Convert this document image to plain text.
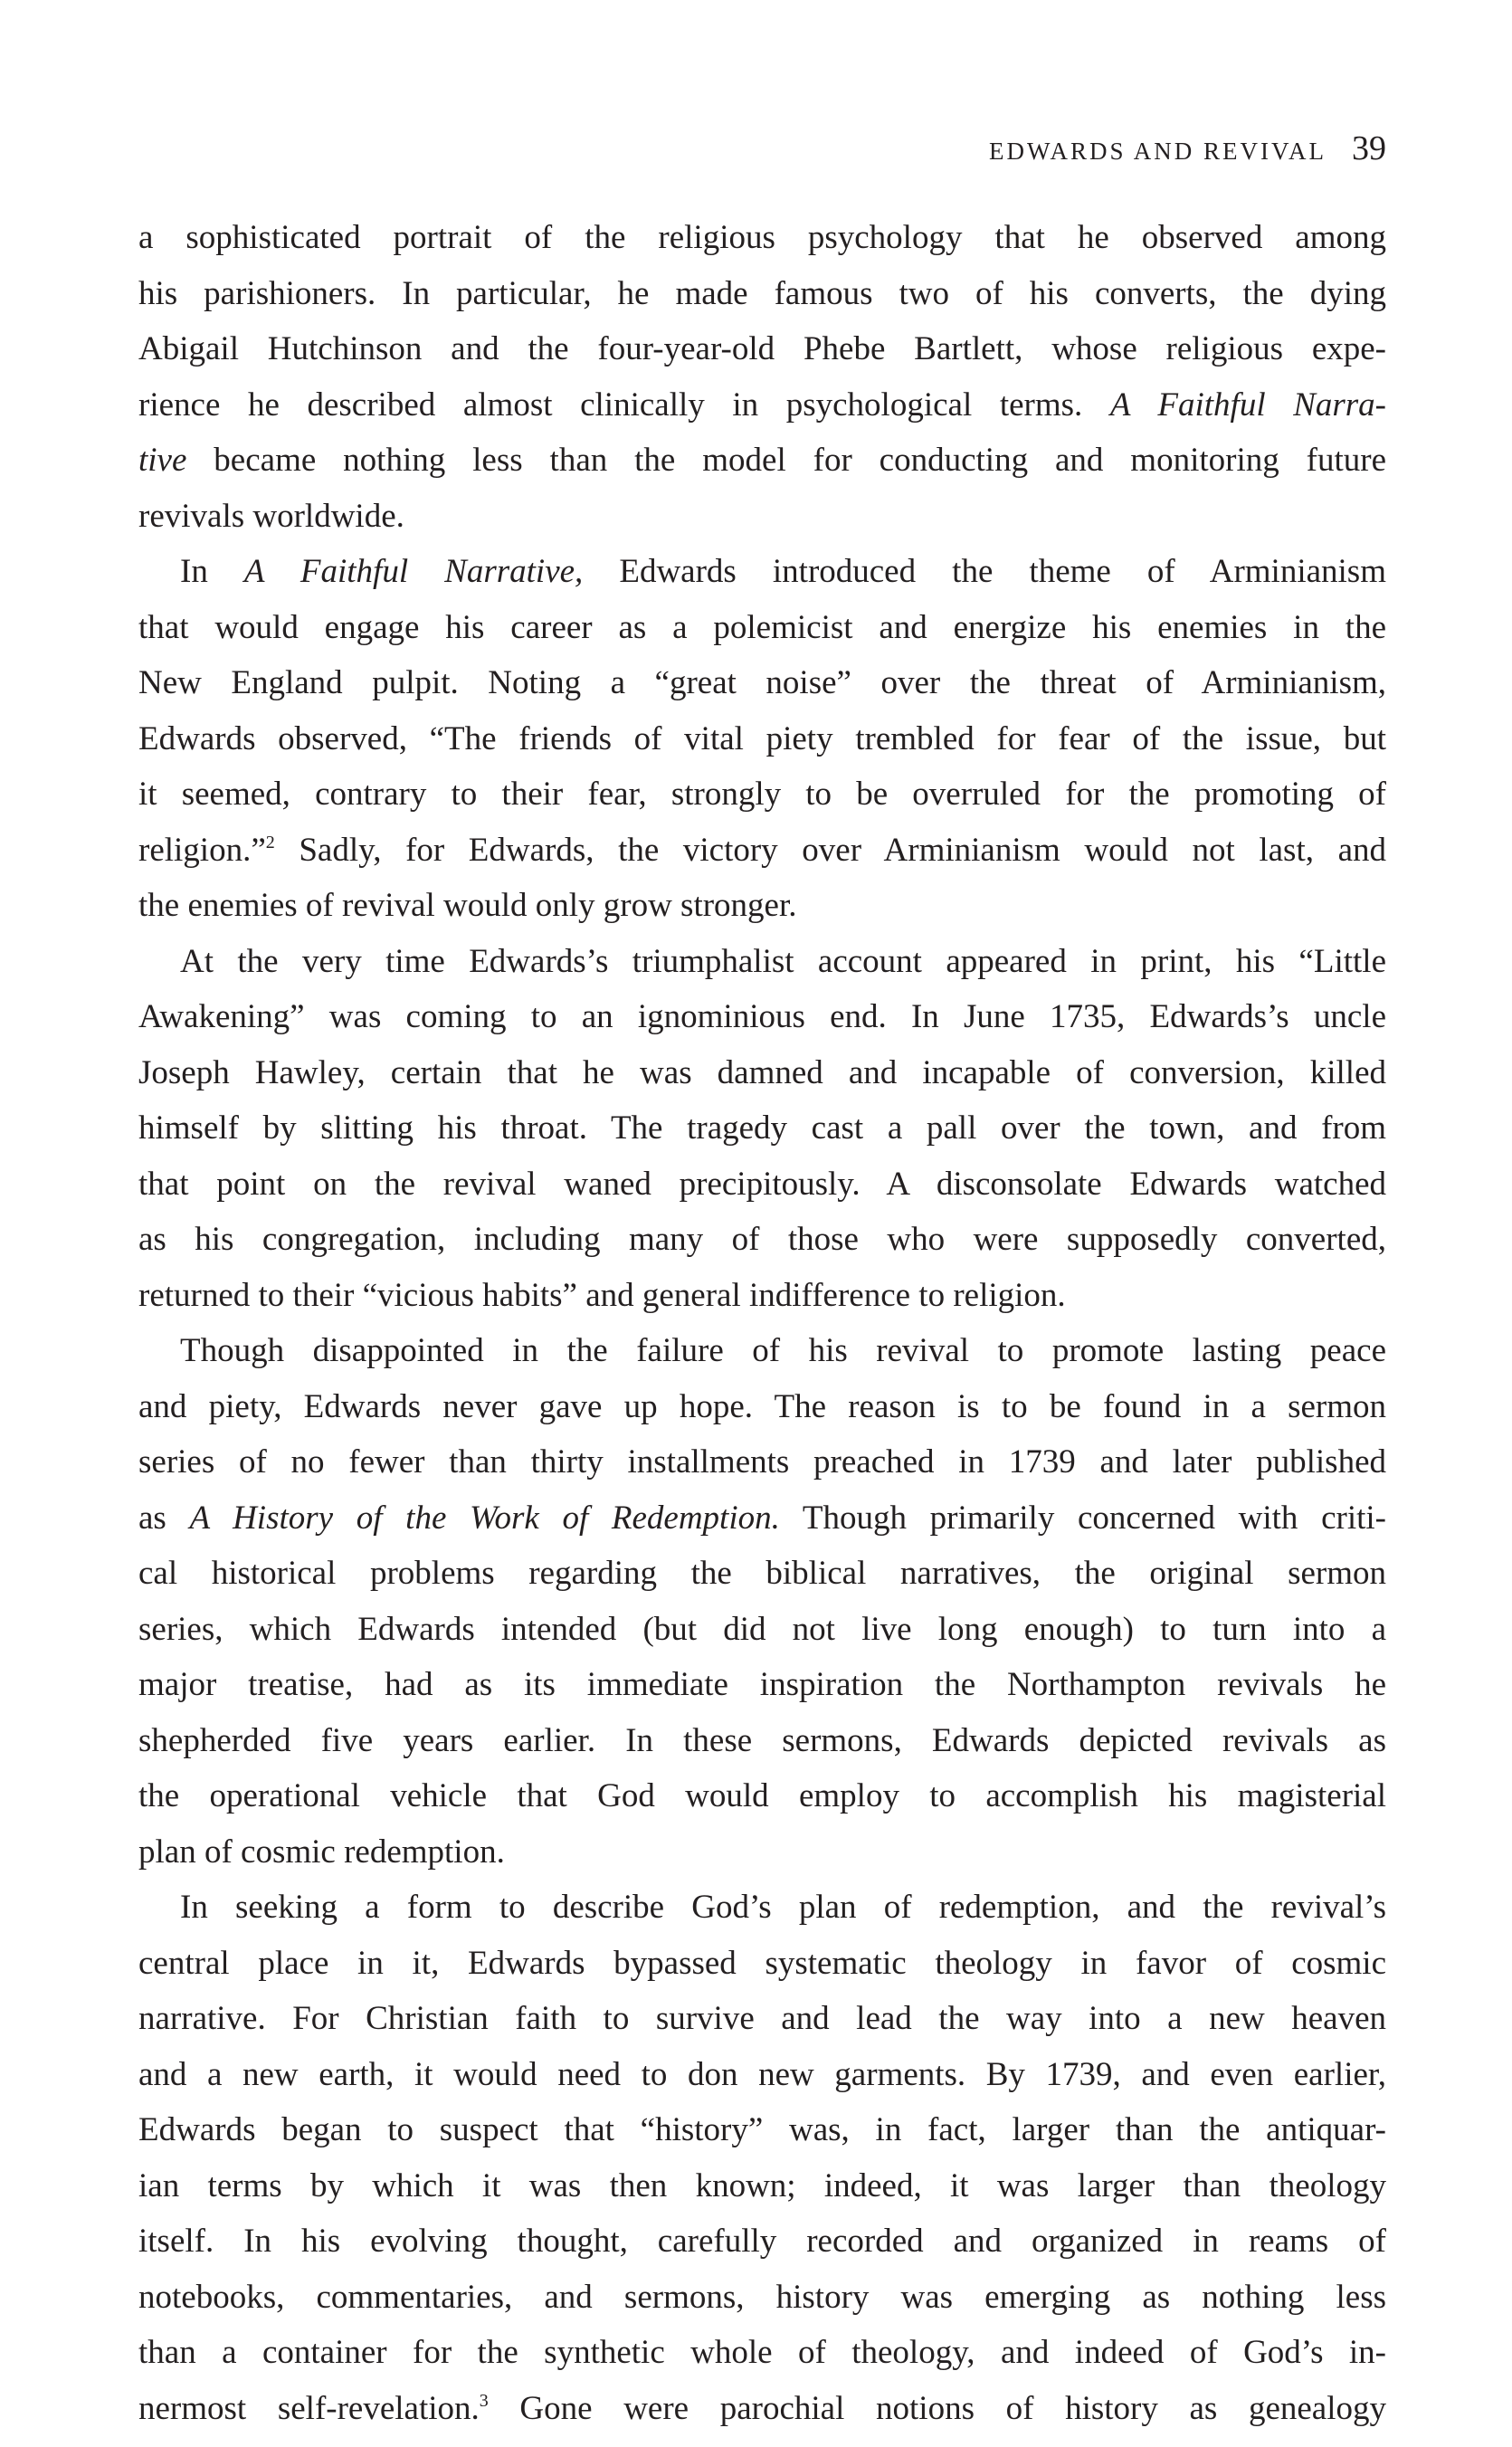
EDWARDS AND REVIVAL 39
a sophisticated portrait of the religious psychology that he observed among
his parishioners. In particular, he made famous two of his converts, the dying
Abigail Hutchinson and the four-year-old Phebe Bartlett, whose religious expe-
rience he described almost clinically in psychological terms. A Faithful Narra-
tive became nothing less than the model for conducting and monitoring future
revivals worldwide.
In A Faithful Narrative, Edwards introduced the theme of Arminianism
that would engage his career as a polemicist and energize his enemies in the
New England pulpit. Noting a “great noise” over the threat of Arminianism,
Edwards observed, “The friends of vital piety trembled for fear of the issue, but
it seemed, contrary to their fear, strongly to be overruled for the promoting of
religion.”$^2$ Sadly, for Edwards, the victory over Arminianism would not last, and
the enemies of revival would only grow stronger.
At the very time Edwards’s triumphalist account appeared in print, his “Little
Awakening” was coming to an ignominious end. In June 1735, Edwards’s uncle
Joseph Hawley, certain that he was damned and incapable of conversion, killed
himself by slitting his throat. The tragedy cast a pall over the town, and from
that point on the revival waned precipitously. A disconsolate Edwards watched
as his congregation, including many of those who were supposedly converted,
returned to their “vicious habits” and general indifference to religion.
Though disappointed in the failure of his revival to promote lasting peace
and piety, Edwards never gave up hope. The reason is to be found in a sermon
series of no fewer than thirty installments preached in 1739 and later published
as A History of the Work of Redemption. Though primarily concerned with criti-
cal historical problems regarding the biblical narratives, the original sermon
series, which Edwards intended (but did not live long enough) to turn into a
major treatise, had as its immediate inspiration the Northampton revivals he
shepherded five years earlier. In these sermons, Edwards depicted revivals as
the operational vehicle that God would employ to accomplish his magisterial
plan of cosmic redemption.
In seeking a form to describe God’s plan of redemption, and the revival’s
central place in it, Edwards bypassed systematic theology in favor of cosmic
narrative. For Christian faith to survive and lead the way into a new heaven
and a new earth, it would need to don new garments. By 1739, and even earlier,
Edwards began to suspect that “history” was, in fact, larger than the antiquar-
ian terms by which it was then known; indeed, it was larger than theology
itself. In his evolving thought, carefully recorded and organized in reams of
notebooks, commentaries, and sermons, history was emerging as nothing less
than a container for the synthetic whole of theology, and indeed of God’s in-
nermost self-revelation.$^3$ Gone were parochial notions of history as genealogy
